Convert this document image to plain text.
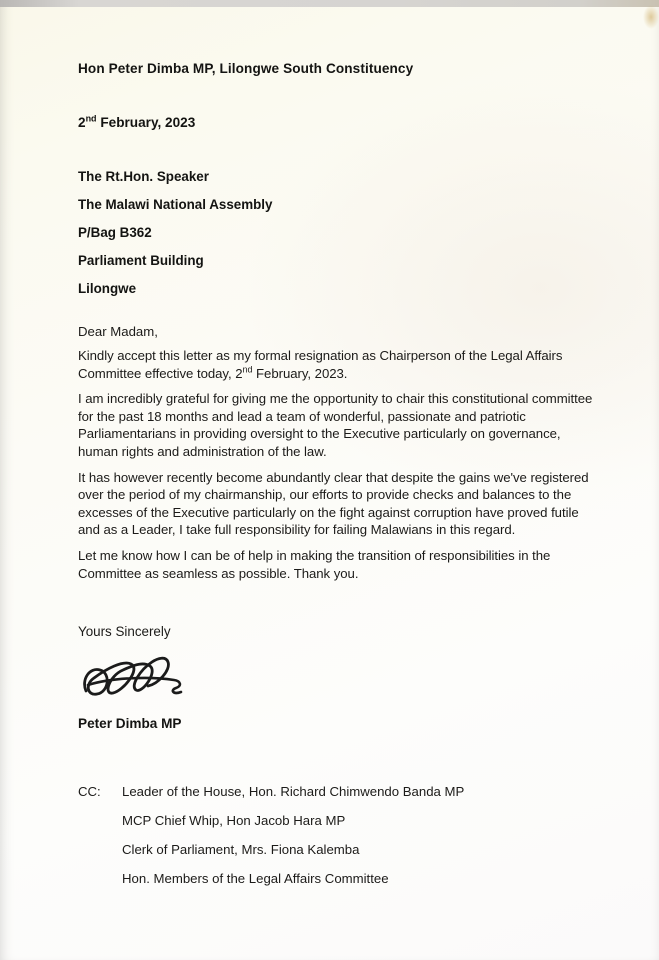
Hon Peter Dimba MP, Lilongwe South Constituency
2nd February, 2023
The Rt.Hon. Speaker
The Malawi National Assembly
P/Bag B362
Parliament Building
Lilongwe
Dear Madam,

Kindly accept this letter as my formal resignation as Chairperson of the Legal Affairs Committee effective today, 2nd February, 2023.

I am incredibly grateful for giving me the opportunity to chair this constitutional committee for the past 18 months and lead a team of wonderful, passionate and patriotic Parliamentarians in providing oversight to the Executive particularly on governance, human rights and administration of the law.

It has however recently become abundantly clear that despite the gains we've registered over the period of my chairmanship, our efforts to provide checks and balances to the excesses of the Executive particularly on the fight against corruption have proved futile and as a Leader, I take full responsibility for failing Malawians in this regard.

Let me know how I can be of help in making the transition of responsibilities in the Committee as seamless as possible. Thank you.

Yours Sincerely
Peter Dimba MP
CC:	Leader of the House, Hon. Richard Chimwendo Banda MP
MCP Chief Whip, Hon Jacob Hara MP
Clerk of Parliament, Mrs. Fiona Kalemba
Hon. Members of the Legal Affairs Committee
